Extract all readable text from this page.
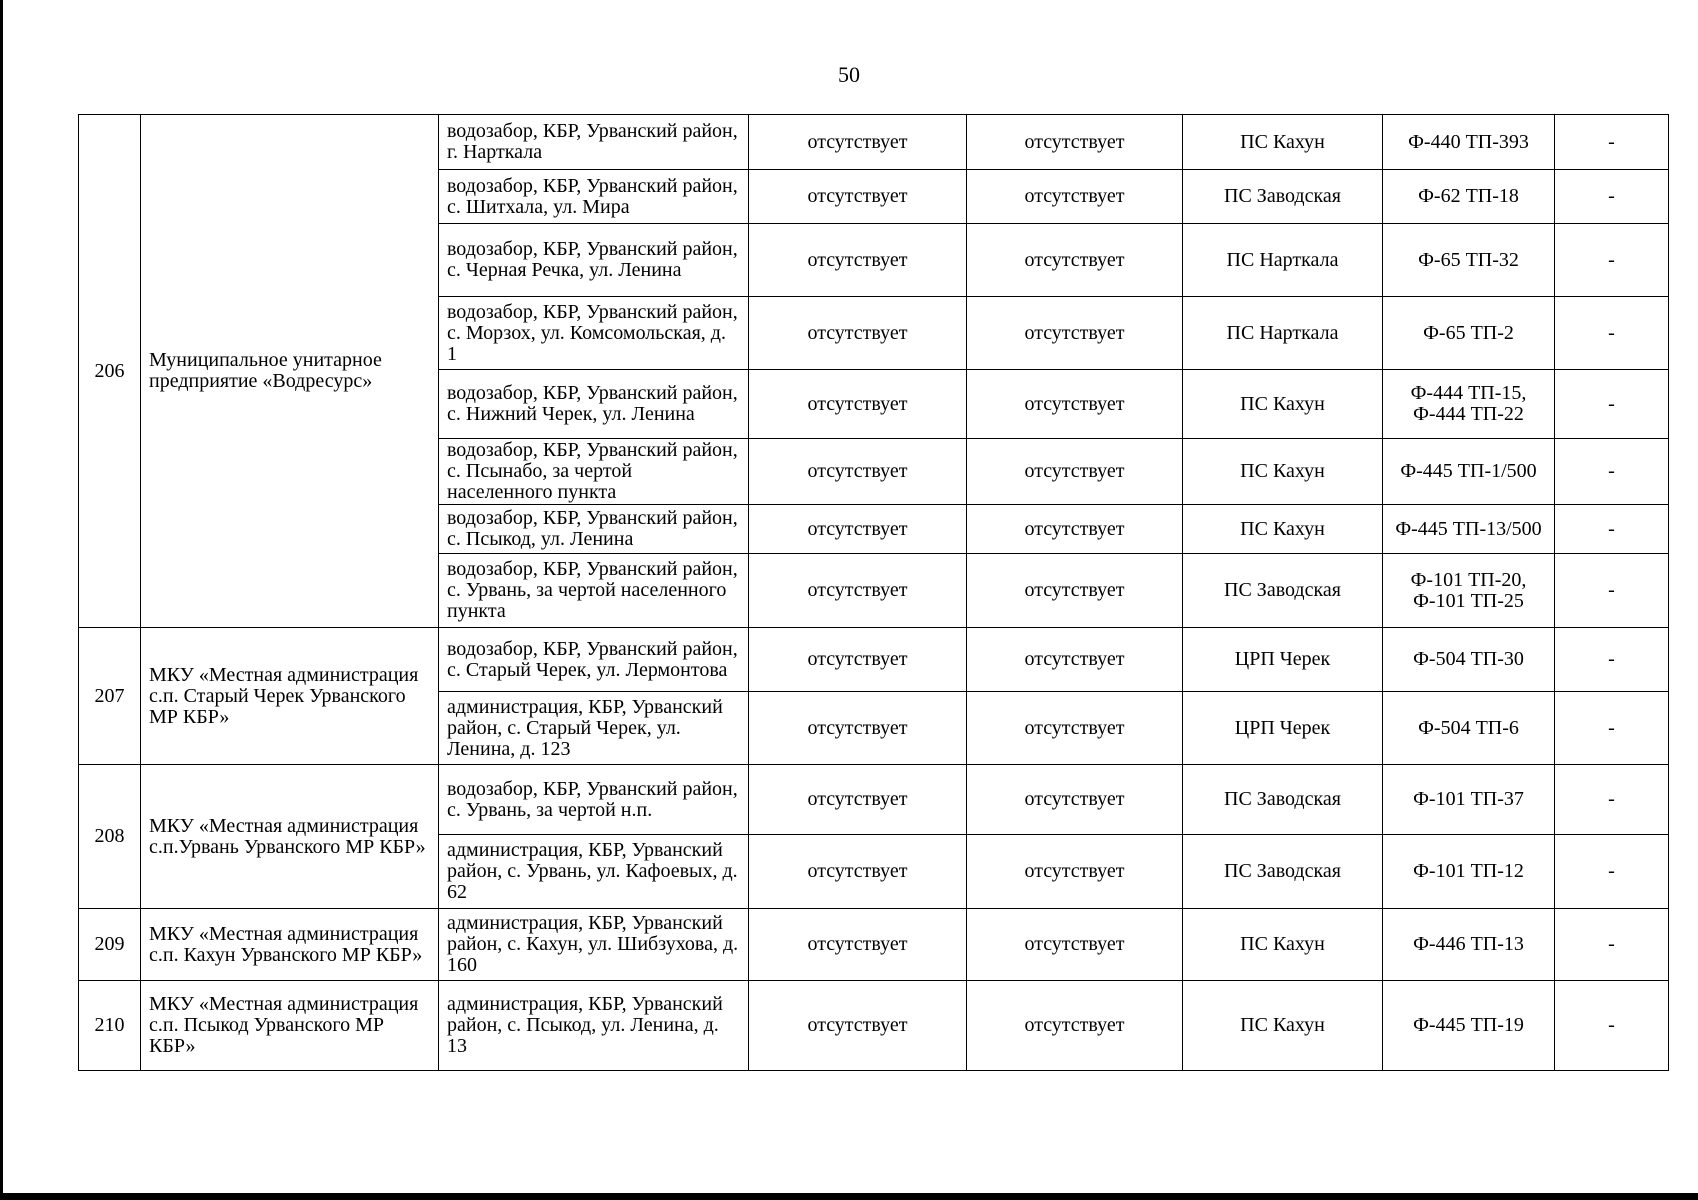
50
206	Муниципальное унитарное предприятие «Водресурс»	водозабор, КБР, Урванский район, г. Нарткала	отсутствует	отсутствует	ПС Кахун	Ф-440 ТП-393	-
		водозабор, КБР, Урванский район, с. Шитхала, ул. Мира	отсутствует	отсутствует	ПС Заводская	Ф-62 ТП-18	-
		водозабор, КБР, Урванский район, с. Черная Речка, ул. Ленина	отсутствует	отсутствует	ПС Нарткала	Ф-65 ТП-32	-
		водозабор, КБР, Урванский район, с. Морзох, ул. Комсомольская, д. 1	отсутствует	отсутствует	ПС Нарткала	Ф-65 ТП-2	-
		водозабор, КБР, Урванский район, с. Нижний Черек, ул. Ленина	отсутствует	отсутствует	ПС Кахун	Ф-444 ТП-15, Ф-444 ТП-22	-
		водозабор, КБР, Урванский район, с. Псынабо, за чертой населенного пункта	отсутствует	отсутствует	ПС Кахун	Ф-445 ТП-1/500	-
		водозабор, КБР, Урванский район, с. Псыкод, ул. Ленина	отсутствует	отсутствует	ПС Кахун	Ф-445 ТП-13/500	-
		водозабор, КБР, Урванский район, с. Урвань, за чертой населенного пункта	отсутствует	отсутствует	ПС Заводская	Ф-101 ТП-20, Ф-101 ТП-25	-
207	МКУ «Местная администрация с.п. Старый Черек Урванского МР КБР»	водозабор, КБР, Урванский район, с. Старый Черек, ул. Лермонтова	отсутствует	отсутствует	ЦРП Черек	Ф-504 ТП-30	-
		администрация, КБР, Урванский район, с. Старый Черек, ул. Ленина, д. 123	отсутствует	отсутствует	ЦРП Черек	Ф-504 ТП-6	-
208	МКУ «Местная администрация с.п.Урвань Урванского МР КБР»	водозабор, КБР, Урванский район, с. Урвань, за чертой н.п.	отсутствует	отсутствует	ПС Заводская	Ф-101 ТП-37	-
		администрация, КБР, Урванский район, с. Урвань, ул. Кафоевых, д. 62	отсутствует	отсутствует	ПС Заводская	Ф-101 ТП-12	-
209	МКУ «Местная администрация с.п. Кахун Урванского МР КБР»	администрация, КБР, Урванский район, с. Кахун, ул. Шибзухова, д. 160	отсутствует	отсутствует	ПС Кахун	Ф-446 ТП-13	-
210	МКУ «Местная администрация с.п. Псыкод Урванского МР КБР»	администрация, КБР, Урванский район, с. Псыкод, ул. Ленина, д. 13	отсутствует	отсутствует	ПС Кахун	Ф-445 ТП-19	-
